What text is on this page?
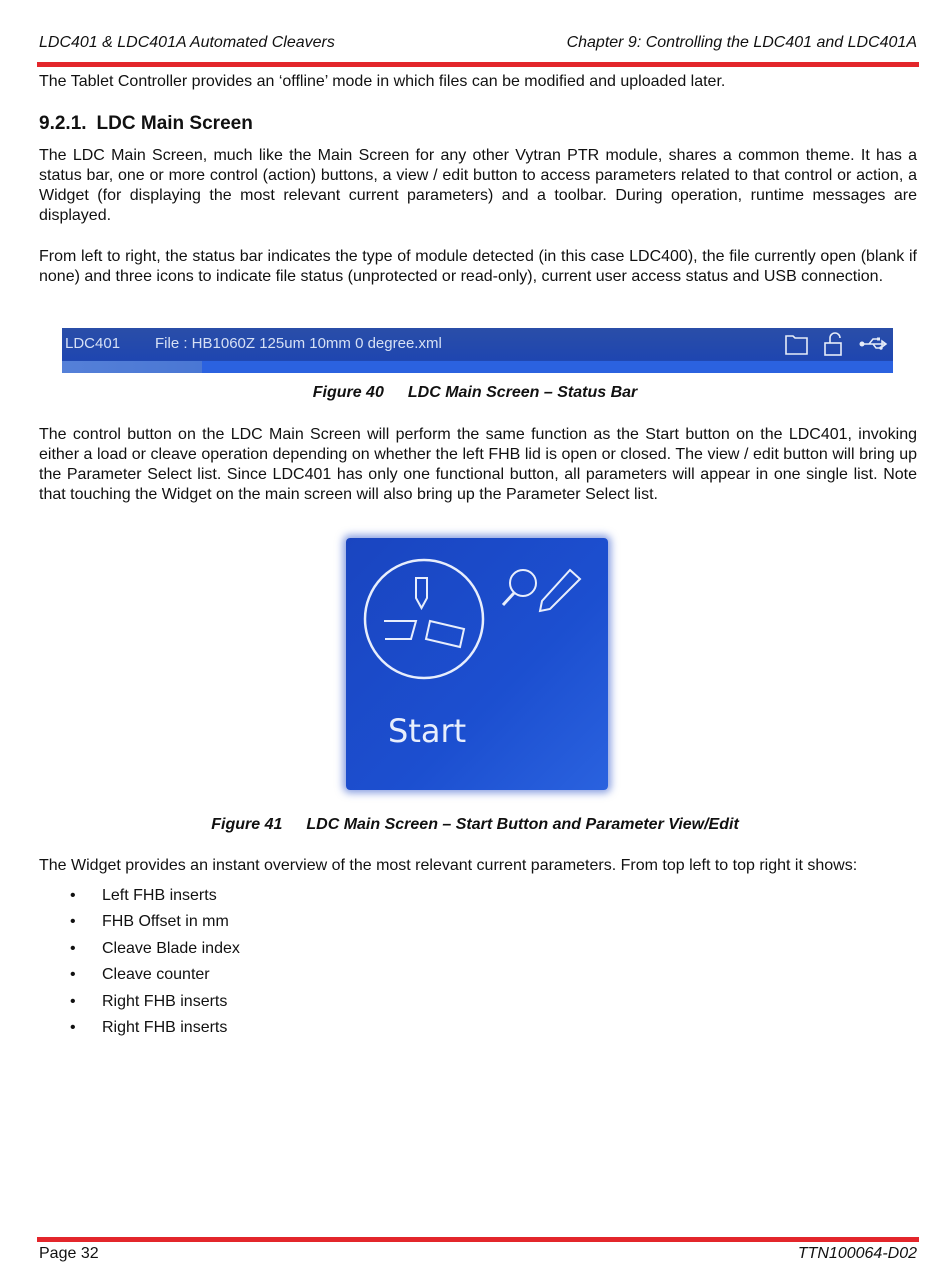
LDC401 & LDC401A Automated Cleavers	Chapter 9: Controlling the LDC401 and LDC401A

The Tablet Controller provides an ‘offline’ mode in which files can be modified and uploaded later.

9.2.1. LDC Main Screen

The LDC Main Screen, much like the Main Screen for any other Vytran PTR module, shares a common theme. It has a status bar, one or more control (action) buttons, a view / edit button to access parameters related to that control or action, a Widget (for displaying the most relevant current parameters) and a toolbar. During operation, runtime messages are displayed.

From left to right, the status bar indicates the type of module detected (in this case LDC400), the file currently open (blank if none) and three icons to indicate file status (unprotected or read-only), current user access status and USB connection.

LDC401 File : HB1060Z 125um 10mm 0 degree.xml

Figure 40 LDC Main Screen – Status Bar

The control button on the LDC Main Screen will perform the same function as the Start button on the LDC401, invoking either a load or cleave operation depending on whether the left FHB lid is open or closed. The view / edit button will bring up the Parameter Select list. Since LDC401 has only one functional button, all parameters will appear in one single list. Note that touching the Widget on the main screen will also bring up the Parameter Select list.

Start

Figure 41 LDC Main Screen – Start Button and Parameter View/Edit

The Widget provides an instant overview of the most relevant current parameters. From top left to top right it shows:

• Left FHB inserts
• FHB Offset in mm
• Cleave Blade index
• Cleave counter
• Right FHB inserts
• Right FHB inserts
Page 32	TTN100064-D02
